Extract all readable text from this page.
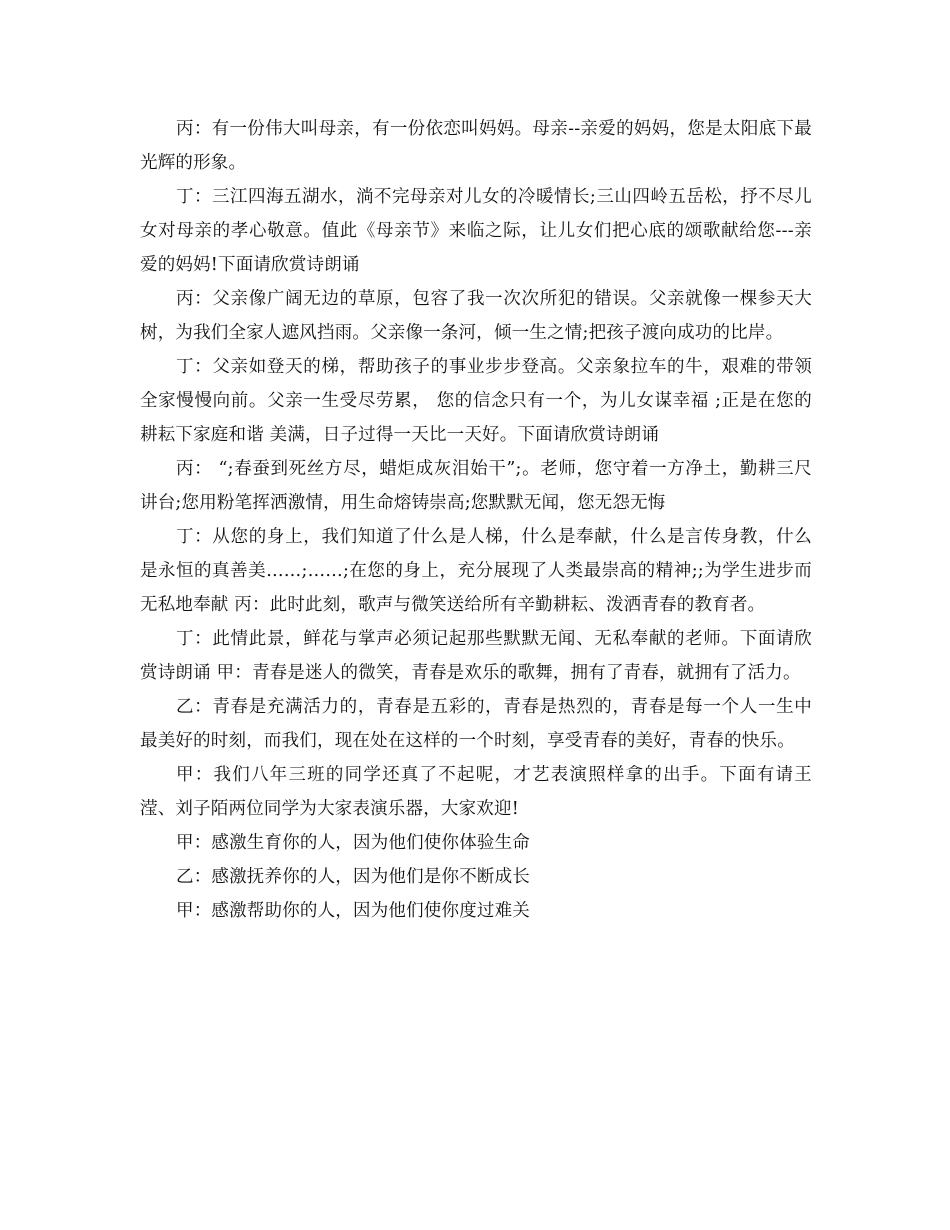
丙：有一份伟大叫母亲，有一份依恋叫妈妈。母亲--亲爱的妈妈，您是太阳底下最光辉的形象。

丁：三江四海五湖水，淌不完母亲对儿女的冷暖情长;三山四岭五岳松，抒不尽儿女对母亲的孝心敬意。值此《母亲节》来临之际，让儿女们把心底的颂歌献给您---亲爱的妈妈!下面请欣赏诗朗诵

丙：父亲像广阔无边的草原，包容了我一次次所犯的错误。父亲就像一棵参天大树，为我们全家人遮风挡雨。父亲像一条河，倾一生之情;把孩子渡向成功的比岸。

丁：父亲如登天的梯，帮助孩子的事业步步登高。父亲象拉车的牛，艰难的带领全家慢慢向前。父亲一生受尽劳累， 您的信念只有一个，为儿女谋幸福 ;正是在您的耕耘下家庭和谐 美满，日子过得一天比一天好。下面请欣赏诗朗诵

丙： “;春蚕到死丝方尽，蜡炬成灰泪始干”;。老师，您守着一方净土，勤耕三尺讲台;您用粉笔挥洒激情，用生命熔铸崇高;您默默无闻，您无怨无悔

丁：从您的身上，我们知道了什么是人梯，什么是奉献，什么是言传身教，什么是永恒的真善美……;……;在您的身上，充分展现了人类最崇高的精神;;为学生进步而无私地奉献 丙：此时此刻，歌声与微笑送给所有辛勤耕耘、泼洒青春的教育者。

丁：此情此景，鲜花与掌声必须记起那些默默无闻、无私奉献的老师。下面请欣赏诗朗诵 甲：青春是迷人的微笑，青春是欢乐的歌舞，拥有了青春，就拥有了活力。

乙：青春是充满活力的，青春是五彩的，青春是热烈的，青春是每一个人一生中最美好的时刻，而我们，现在处在这样的一个时刻，享受青春的美好，青春的快乐。

甲：我们八年三班的同学还真了不起呢，才艺表演照样拿的出手。下面有请王滢、刘子陌两位同学为大家表演乐器，大家欢迎!

甲：感激生育你的人，因为他们使你体验生命

乙：感激抚养你的人，因为他们是你不断成长

甲：感激帮助你的人，因为他们使你度过难关
